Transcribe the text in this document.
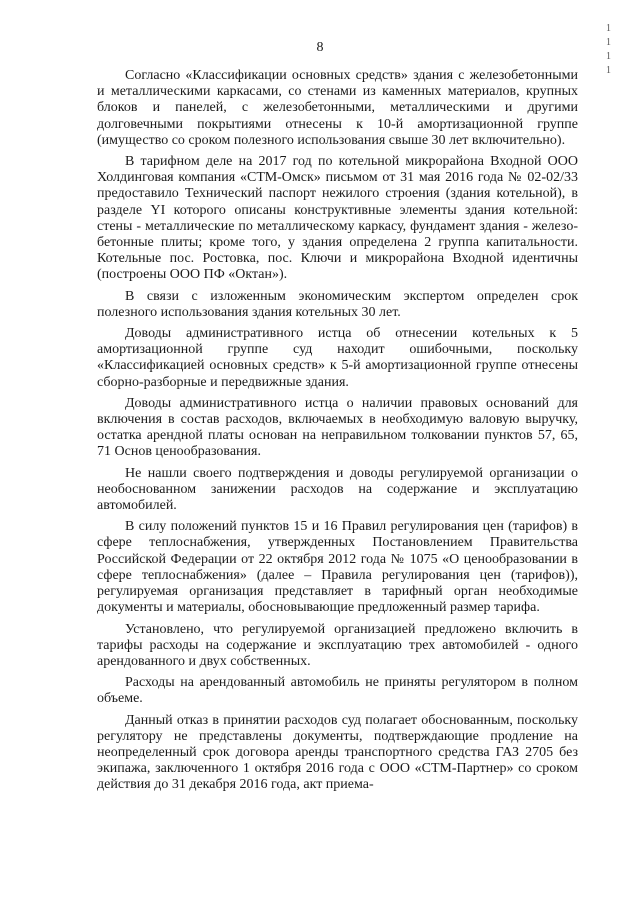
8
1
1
1
1

Согласно «Классификации основных средств» здания с железобетонными и металлическими каркасами, со стенами из каменных материалов, крупных блоков и панелей, с железобетонными, металлическими и другими долговечными покрытиями отнесены к 10-й амортизационной группе (имущество со сроком полезного использования свыше 30 лет включительно).

В тарифном деле на 2017 год по котельной микрорайона Входной ООО Холдинговая компания «СТМ-Омск» письмом от 31 мая 2016 года № 02-02/33 предоставило Технический паспорт нежилого строения (здания котельной), в разделе YI которого описаны конструктивные элементы здания котельной: стены - металлические по металлическому каркасу, фундамент здания - железо-бетонные плиты; кроме того, у здания определена 2 группа капитальности. Котельные пос. Ростовка, пос. Ключи и микрорайона Входной идентичны (построены ООО ПФ «Октан»).

В связи с изложенным экономическим экспертом определен срок полезного использования здания котельных 30 лет.

Доводы административного истца об отнесении котельных к 5 амортизационной группе суд находит ошибочными, поскольку «Классификацией основных средств» к 5-й амортизационной группе отнесены сборно-разборные и передвижные здания.

Доводы административного истца о наличии правовых оснований для включения в состав расходов, включаемых в необходимую валовую выручку, остатка арендной платы основан на неправильном толковании пунктов 57, 65, 71 Основ ценообразования.

Не нашли своего подтверждения и доводы регулируемой организации о необоснованном занижении расходов на содержание и эксплуатацию автомобилей.

В силу положений пунктов 15 и 16 Правил регулирования цен (тарифов) в сфере теплоснабжения, утвержденных Постановлением Правительства Российской Федерации от 22 октября 2012 года № 1075 «О ценообразовании в сфере теплоснабжения» (далее – Правила регулирования цен (тарифов)), регулируемая организация представляет в тарифный орган необходимые документы и материалы, обосновывающие предложенный размер тарифа.

Установлено, что регулируемой организацией предложено включить в тарифы расходы на содержание и эксплуатацию трех автомобилей - одного арендованного и двух собственных.

Расходы на арендованный автомобиль не приняты регулятором в полном объеме.

Данный отказ в принятии расходов суд полагает обоснованным, поскольку регулятору не представлены документы, подтверждающие продление на неопределенный срок договора аренды транспортного средства ГАЗ 2705 без экипажа, заключенного 1 октября 2016 года с ООО «СТМ-Партнер» со сроком действия до 31 декабря 2016 года, акт приема-
